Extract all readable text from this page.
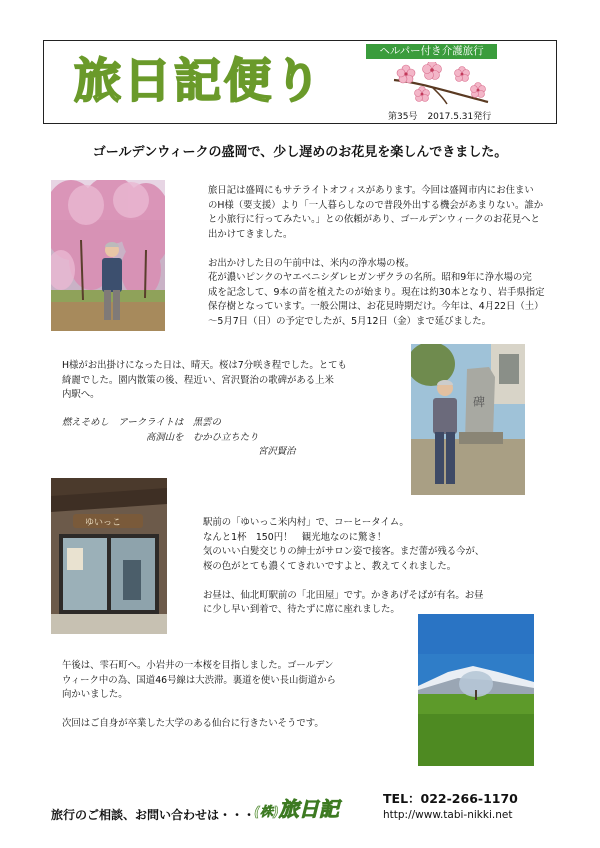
旅日記便り
ヘルパー付き介護旅行
第35号 2017.5.31発行
ゴールデンウィークの盛岡で、少し遅めのお花見を楽しんできました。

旅日記は盛岡にもサテライトオフィスがあります。今回は盛岡市内にお住まい

のH様（要支援）より「一人暮らしなので普段外出する機会があまりない。誰か

と小旅行に行ってみたい。」との依頼があり、ゴールデンウィークのお花見へと

出かけてきました。

お出かけした日の午前中は、米内の浄水場の桜。

花が濃いピンクのヤエベニシダレヒガンザクラの名所。昭和9年に浄水場の完

成を記念して、9本の苗を植えたのが始まり。現在は約30本となり、岩手県指定

保存樹となっています。一般公開は、お花見時期だけ。今年は、4月22日（土）

〜5月7日（日）の予定でしたが、5月12日（金）まで延びました。

H様がお出掛けになった日は、晴天。桜は7分咲き程でした。とても

綺麗でした。園内散策の後、程近い、宮沢賢治の歌碑がある上米

内駅へ。

燃えそめし　アークライトは　黒雲の
高洞山を　むかひ立ちたり
宮沢賢治
碑
ゆいっこ	駅前の「ゆいっこ米内村」で、コーヒータイム。

なんと1杯　150円！　観光地なのに驚き！

気のいい白髪交じりの紳士がサロン姿で接客。まだ蕾が残る今が、

桜の色がとても濃くてきれいですよと、教えてくれました。

お昼は、仙北町駅前の「北田屋」です。かきあげそばが有名。お昼

に少し早い到着で、待たずに席に座れました。

午後は、雫石町へ。小岩井の一本桜を目指しました。ゴールデン

ウィーク中の為、国道46号線は大渋滞。裏道を使い長山街道から

向かいました。

次回はご自身が卒業した大学のある仙台に行きたいそうです。

旅行のご相談、お問い合わせは・・・
(株)旅日記	TEL：022-266-1170
http://www.tabi-nikki.net
